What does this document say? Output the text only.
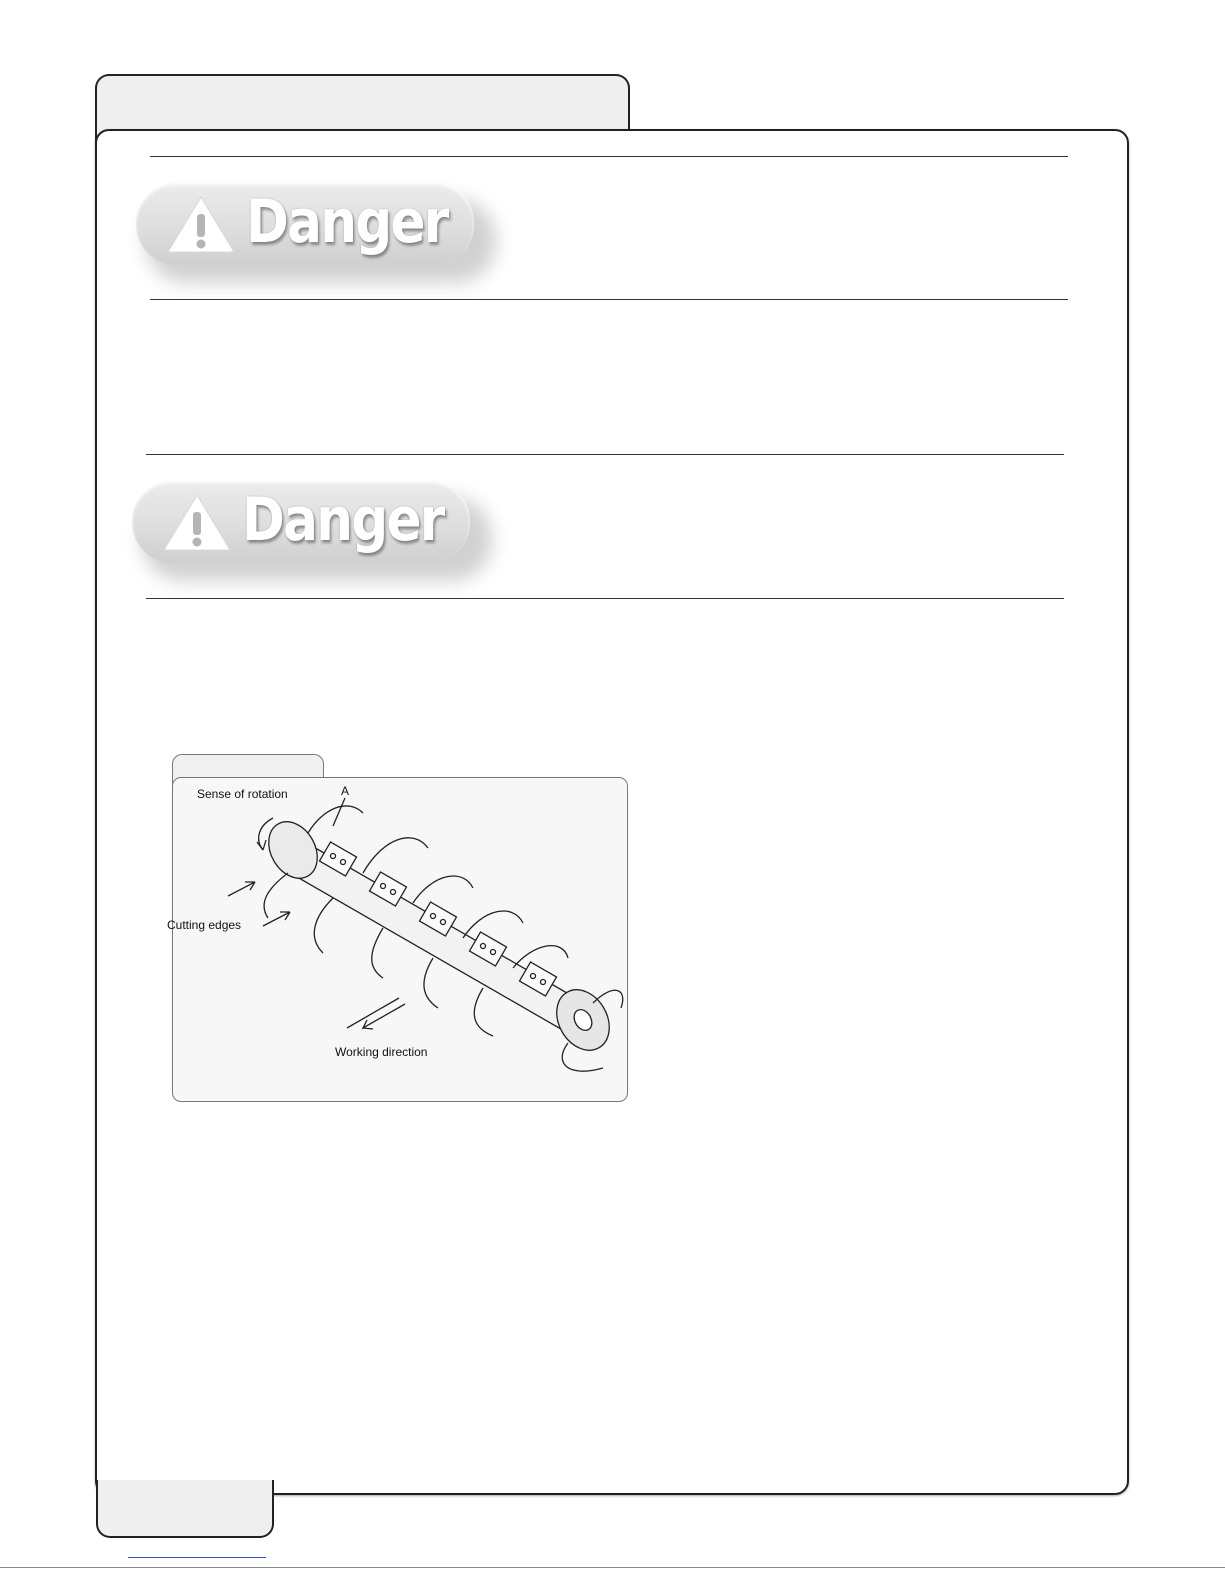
Danger
Danger
Sense of rotation	A
Cutting edges
Working direction
